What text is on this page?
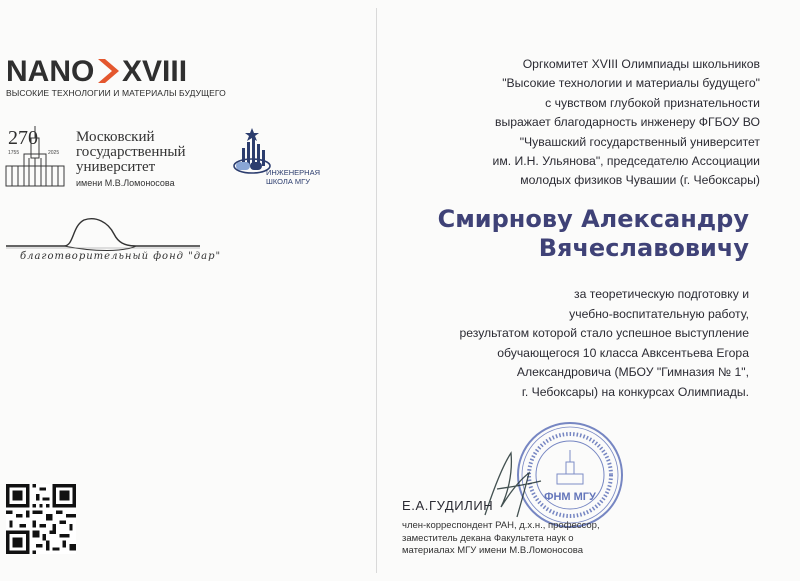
NANO XVIII
ВЫСОКИЕ ТЕХНОЛОГИИ И МАТЕРИАЛЫ БУДУЩЕГО
270
1755	2025
Московский
государственный
университет
имени М.В.Ломоносова
ИНЖЕНЕРНАЯ
ШКОЛА МГУ
благотворительный фонд "дар"
Оргкомитет XVIII Олимпиады школьников
"Высокие технологии и материалы будущего"
с чувством глубокой признательности
выражает благодарность инженеру ФГБОУ ВО
"Чувашский государственный университет
им. И.Н. Ульянова", председателю Ассоциации
молодых физиков Чувашии (г. Чебоксары)
Смирнову Александру
Вячеславовичу
за теоретическую подготовку и
учебно-воспитательную работу,
результатом которой стало успешное выступление
обучающегося 10 класса Авксентьева Егора
Александровича (МБОУ "Гимназия № 1",
г. Чебоксары) на конкурсах Олимпиады.
ФНМ МГУ
Е.А.ГУДИЛИН
член-корреспондент РАН, д.х.н., профессор,
заместитель декана Факультета наук о
материалах МГУ имени М.В.Ломоносова
